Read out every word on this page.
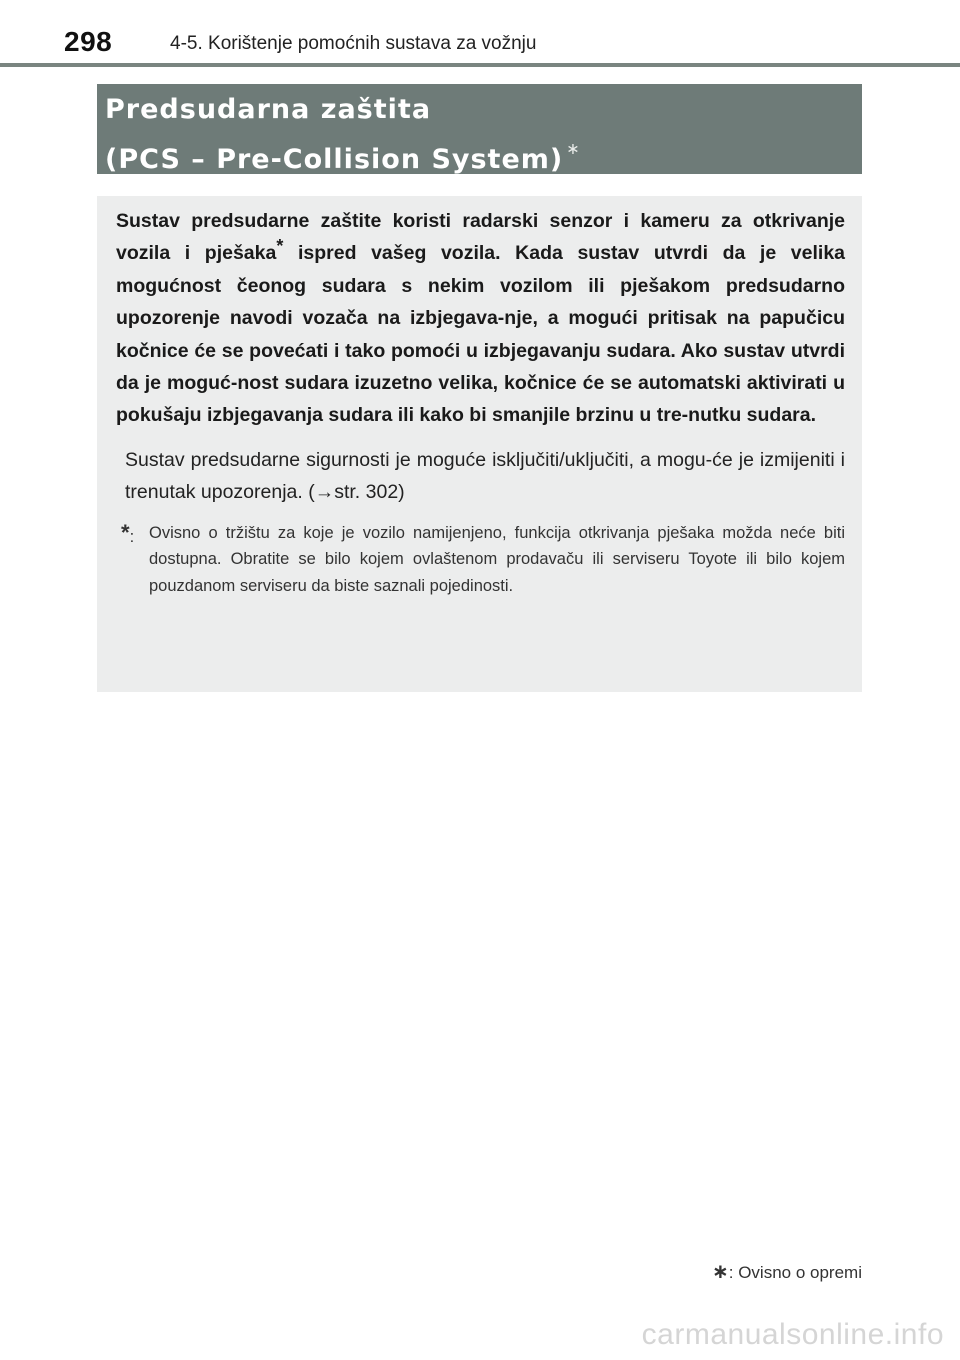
298	4-5. Korištenje pomoćnih sustava za vožnju
Predsudarna zaštita
(PCS – Pre-Collision System) ∗

Sustav predsudarne zaštite koristi radarski senzor i kameru za otkrivanje vozila i pješaka* ispred vašeg vozila. Kada sustav utvrdi da je velika mogućnost čeonog sudara s nekim vozilom ili pješakom predsudarno upozorenje navodi vozača na izbjegava-nje, a mogući pritisak na papučicu kočnice će se povećati i tako pomoći u izbjegavanju sudara. Ako sustav utvrdi da je moguć-nost sudara izuzetno velika, kočnice će se automatski aktivirati u pokušaju izbjegavanja sudara ili kako bi smanjile brzinu u tre-nutku sudara.

Sustav predsudarne sigurnosti je moguće isključiti/uključiti, a mogu-će je izmijeniti i trenutak upozorenja. (→str. 302)

*: Ovisno o tržištu za koje je vozilo namijenjeno, funkcija otkrivanja pješaka možda neće biti dostupna. Obratite se bilo kojem ovlaštenom prodavaču ili serviseru Toyote ili bilo kojem pouzdanom serviseru da biste saznali pojedinosti.
∗: Ovisno o opremi
carmanualsonline.info
